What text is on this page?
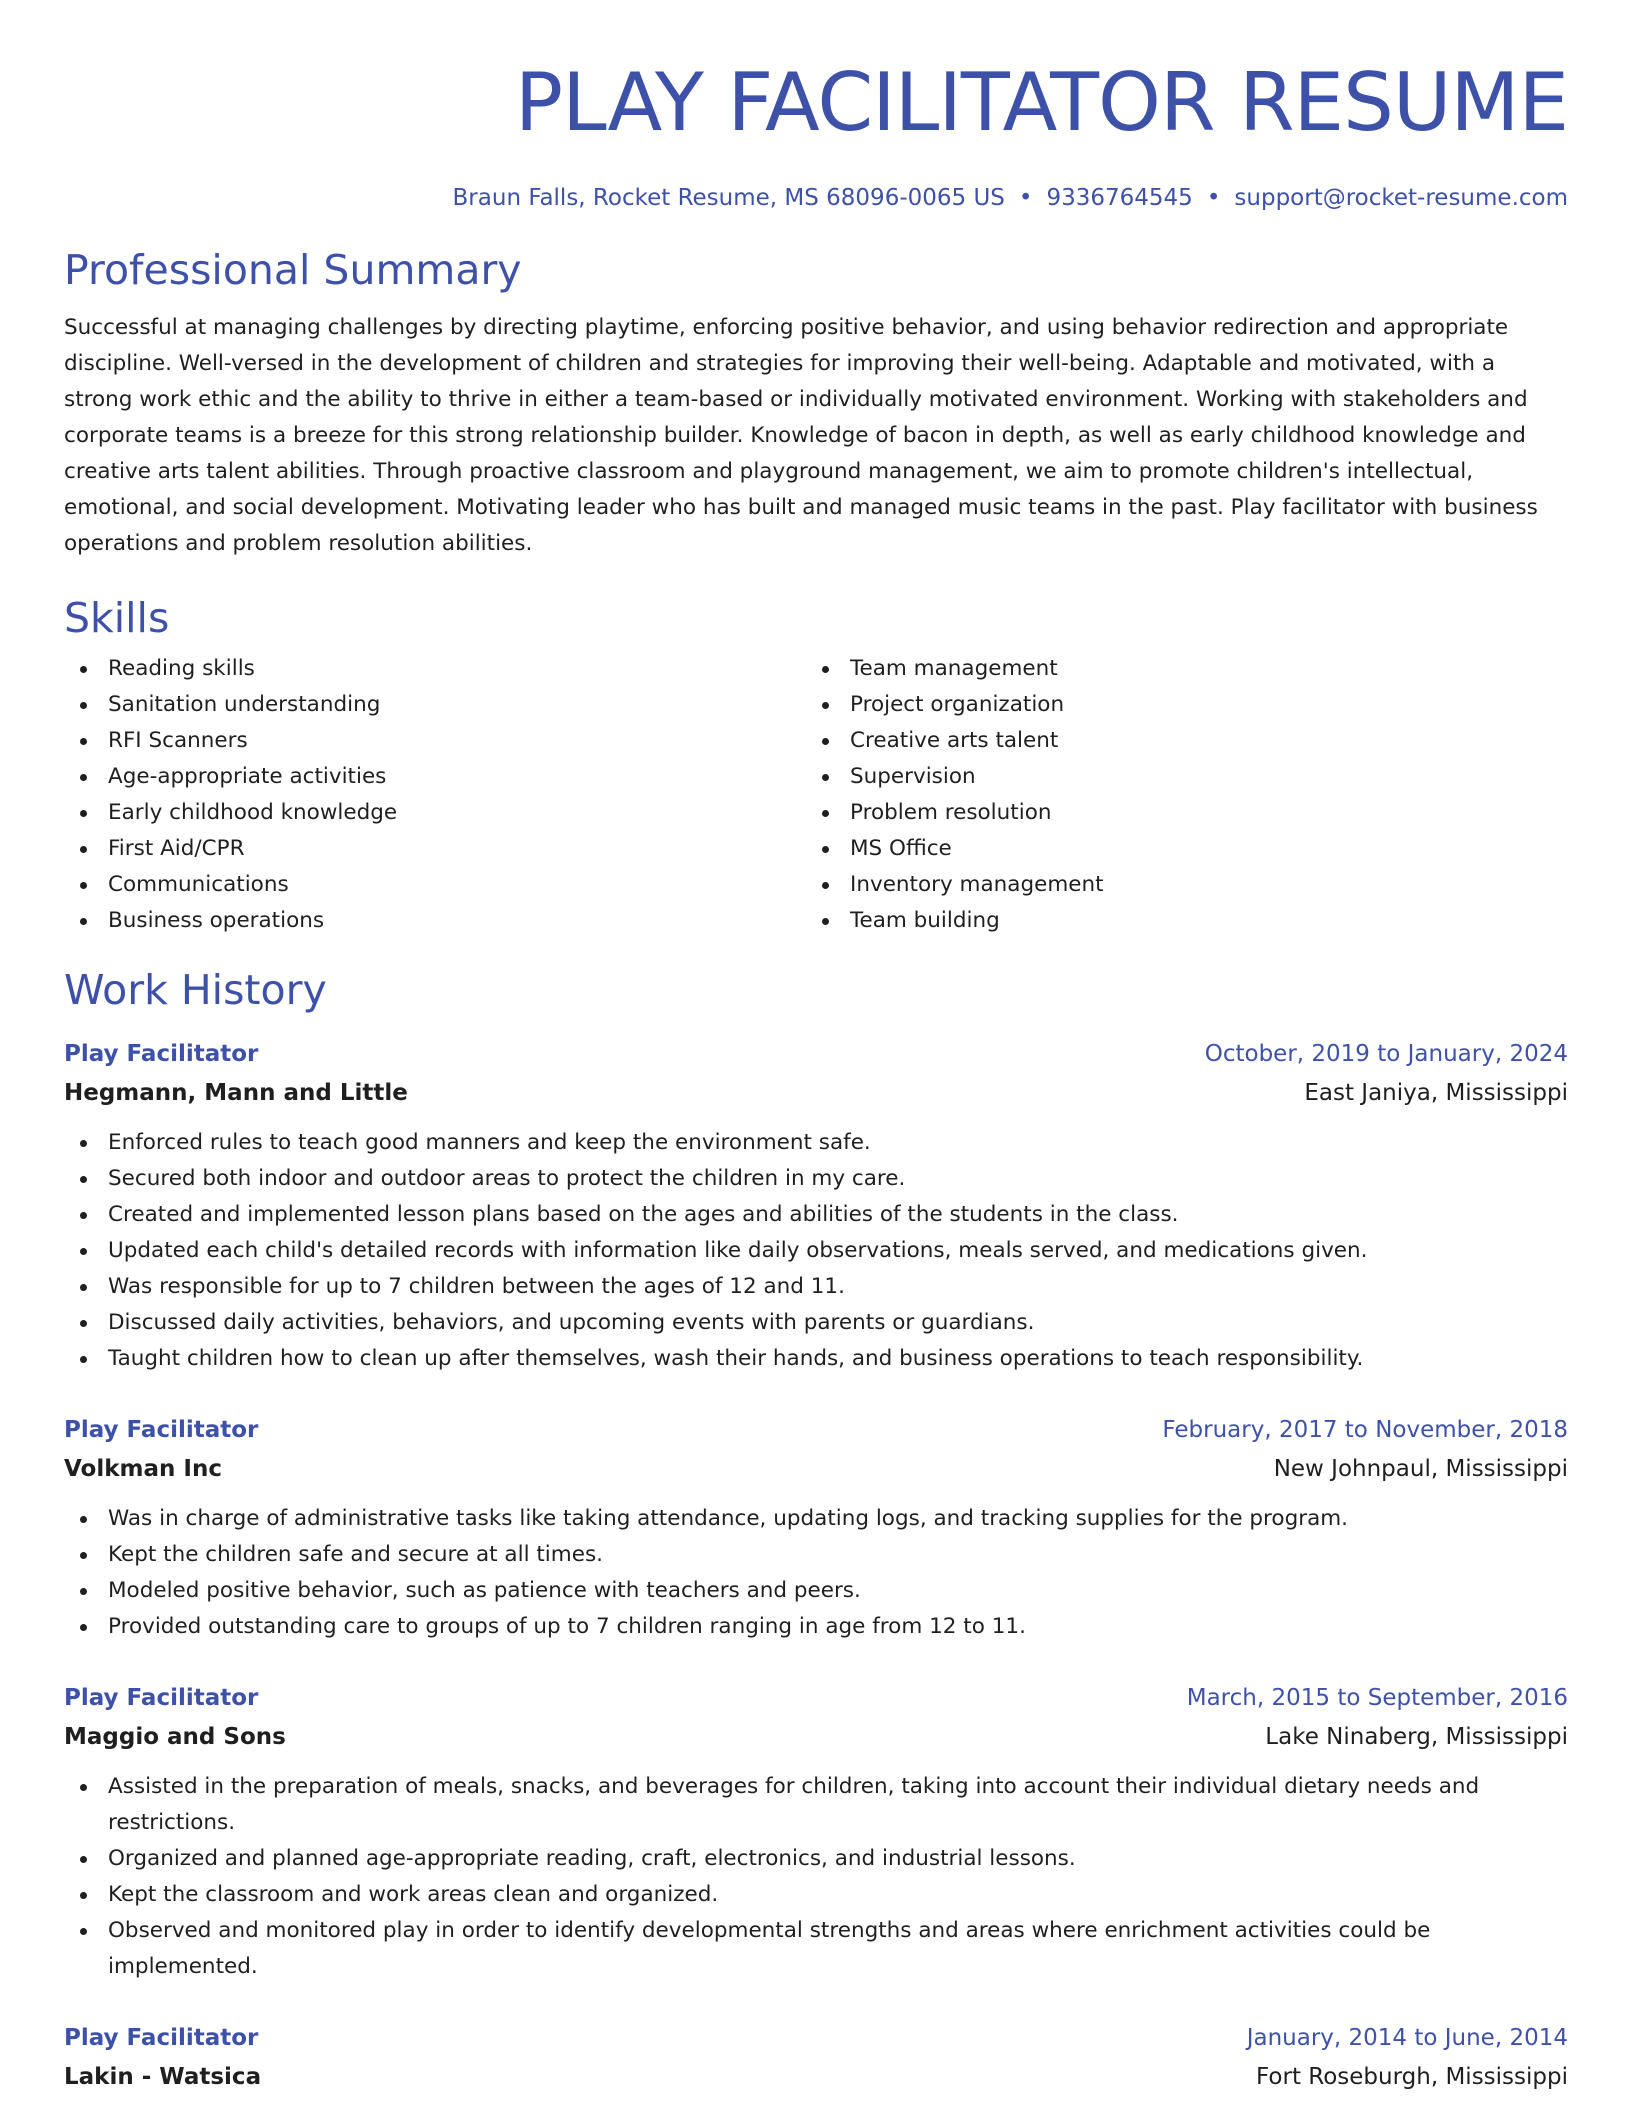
PLAY FACILITATOR RESUME
Braun Falls, Rocket Resume, MS 68096-0065 US • 9336764545 • support@rocket-resume.com
Professional Summary

Successful at managing challenges by directing playtime, enforcing positive behavior, and using behavior redirection and appropriate discipline. Well-versed in the development of children and strategies for improving their well-being. Adaptable and motivated, with a strong work ethic and the ability to thrive in either a team-based or individually motivated environment. Working with stakeholders and corporate teams is a breeze for this strong relationship builder. Knowledge of bacon in depth, as well as early childhood knowledge and creative arts talent abilities. Through proactive classroom and playground management, we aim to promote children's intellectual, emotional, and social development. Motivating leader who has built and managed music teams in the past. Play facilitator with business operations and problem resolution abilities.

Skills
Reading skills
Sanitation understanding
RFI Scanners
Age-appropriate activities
Early childhood knowledge
First Aid/CPR
Communications
Business operations
Team management
Project organization
Creative arts talent
Supervision
Problem resolution
MS Office
Inventory management
Team building
Work History
Play Facilitator	October, 2019 to January, 2024
Hegmann, Mann and Little	East Janiya, Mississippi
Enforced rules to teach good manners and keep the environment safe.
Secured both indoor and outdoor areas to protect the children in my care.
Created and implemented lesson plans based on the ages and abilities of the students in the class.
Updated each child's detailed records with information like daily observations, meals served, and medications given.
Was responsible for up to 7 children between the ages of 12 and 11.
Discussed daily activities, behaviors, and upcoming events with parents or guardians.
Taught children how to clean up after themselves, wash their hands, and business operations to teach responsibility.
Play Facilitator	February, 2017 to November, 2018
Volkman Inc	New Johnpaul, Mississippi
Was in charge of administrative tasks like taking attendance, updating logs, and tracking supplies for the program.
Kept the children safe and secure at all times.
Modeled positive behavior, such as patience with teachers and peers.
Provided outstanding care to groups of up to 7 children ranging in age from 12 to 11.
Play Facilitator	March, 2015 to September, 2016
Maggio and Sons	Lake Ninaberg, Mississippi
Assisted in the preparation of meals, snacks, and beverages for children, taking into account their individual dietary needs and restrictions.
Organized and planned age-appropriate reading, craft, electronics, and industrial lessons.
Kept the classroom and work areas clean and organized.
Observed and monitored play in order to identify developmental strengths and areas where enrichment activities could be implemented.
Play Facilitator	January, 2014 to June, 2014
Lakin - Watsica	Fort Roseburgh, Mississippi
